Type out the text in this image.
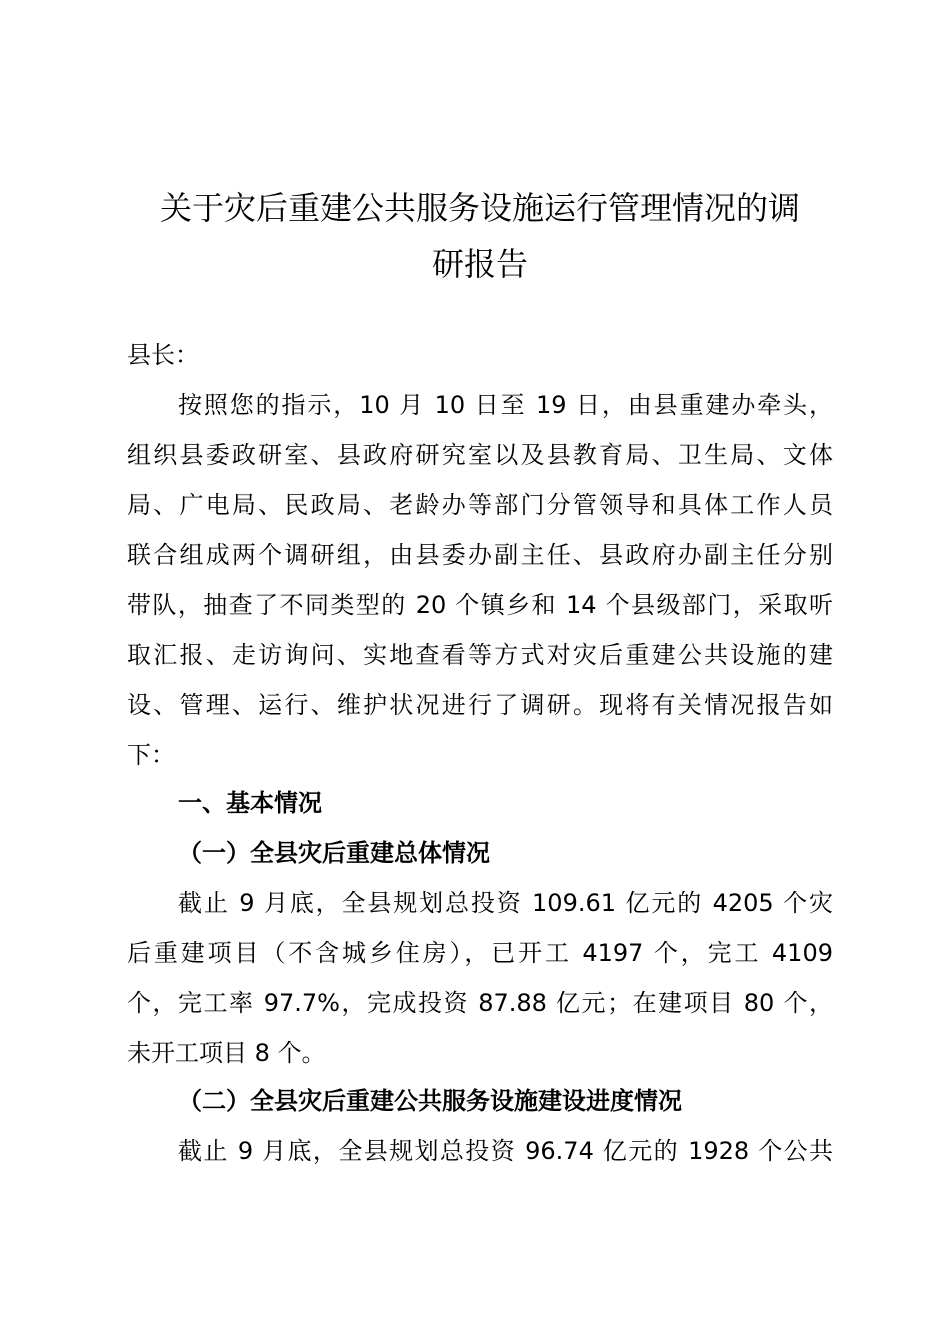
关于灾后重建公共服务设施运行管理情况的调
研报告

县长：

按照您的指示，10 月 10 日至 19 日，由县重建办牵头，

组织县委政研室、县政府研究室以及县教育局、卫生局、文体

局、广电局、民政局、老龄办等部门分管领导和具体工作人员

联合组成两个调研组，由县委办副主任、县政府办副主任分别

带队，抽查了不同类型的 20 个镇乡和 14 个县级部门，采取听

取汇报、走访询问、实地查看等方式对灾后重建公共设施的建

设、管理、运行、维护状况进行了调研。现将有关情况报告如

下：

一、基本情况

（一）全县灾后重建总体情况

截止 9 月底，全县规划总投资 109.61 亿元的 4205 个灾

后重建项目（不含城乡住房），已开工 4197 个，完工 4109

个，完工率 97.7%，完成投资 87.88 亿元；在建项目 80 个，

未开工项目 8 个。

（二）全县灾后重建公共服务设施建设进度情况

截止 9 月底，全县规划总投资 96.74 亿元的 1928 个公共
